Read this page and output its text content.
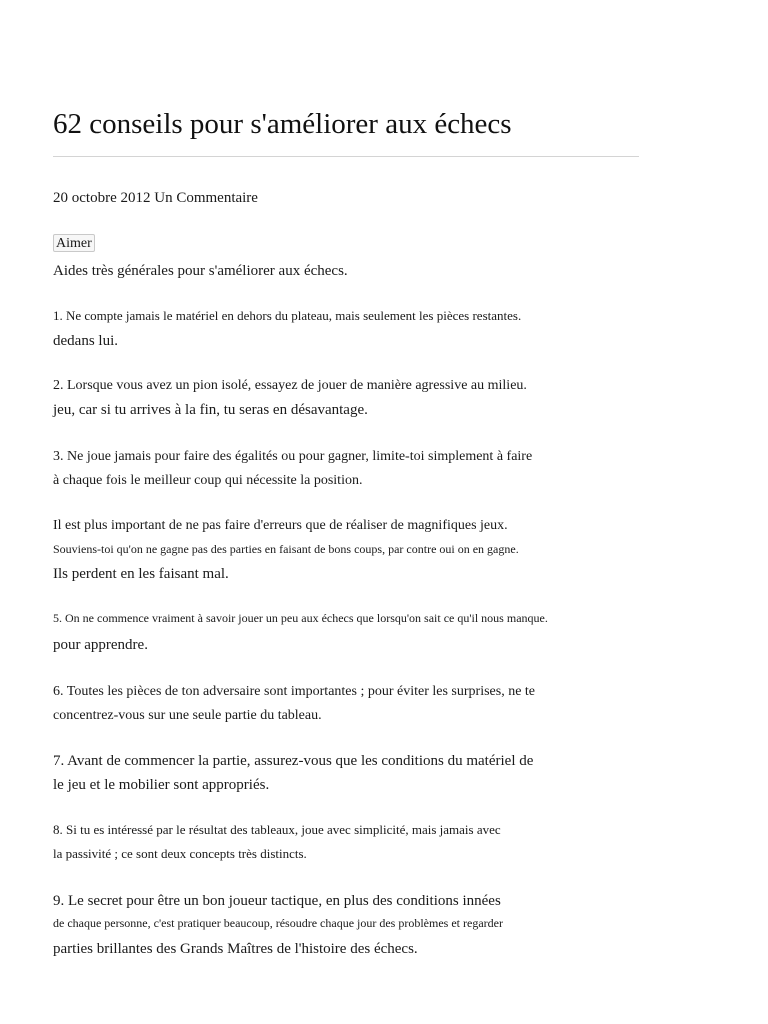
62 conseils pour s'améliorer aux échecs
20 octobre 2012 Un Commentaire
Aimer

Aides très générales pour s'améliorer aux échecs.

1. Ne compte jamais le matériel en dehors du plateau, mais seulement les pièces restantes.

dedans lui.

2. Lorsque vous avez un pion isolé, essayez de jouer de manière agressive au milieu.

jeu, car si tu arrives à la fin, tu seras en désavantage.

3. Ne joue jamais pour faire des égalités ou pour gagner, limite-toi simplement à faire

à chaque fois le meilleur coup qui nécessite la position.

Il est plus important de ne pas faire d'erreurs que de réaliser de magnifiques jeux.

Souviens-toi qu'on ne gagne pas des parties en faisant de bons coups, par contre oui on en gagne.

Ils perdent en les faisant mal.

5. On ne commence vraiment à savoir jouer un peu aux échecs que lorsqu'on sait ce qu'il nous manque.

pour apprendre.

6. Toutes les pièces de ton adversaire sont importantes ; pour éviter les surprises, ne te

concentrez-vous sur une seule partie du tableau.

7. Avant de commencer la partie, assurez-vous que les conditions du matériel de

le jeu et le mobilier sont appropriés.

8. Si tu es intéressé par le résultat des tableaux, joue avec simplicité, mais jamais avec

la passivité ; ce sont deux concepts très distincts.

9. Le secret pour être un bon joueur tactique, en plus des conditions innées

de chaque personne, c'est pratiquer beaucoup, résoudre chaque jour des problèmes et regarder

parties brillantes des Grands Maîtres de l'histoire des échecs.
